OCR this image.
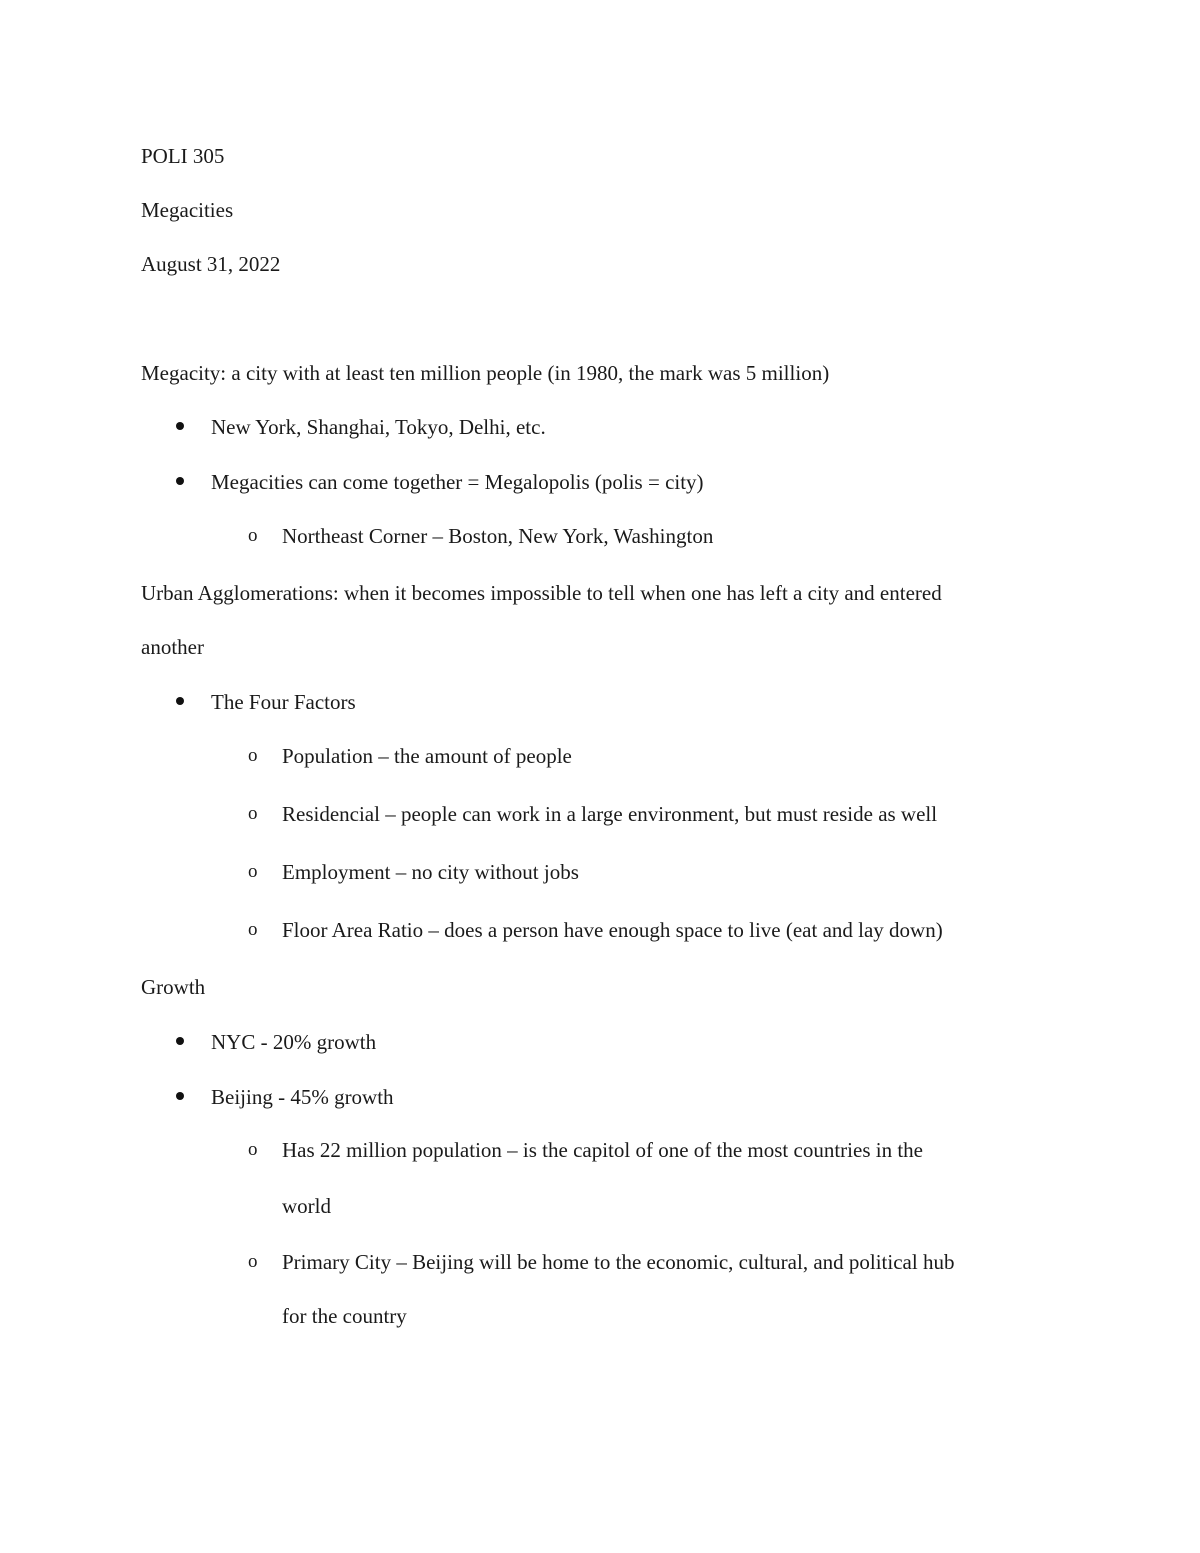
POLI 305
Megacities
August 31, 2022
Megacity: a city with at least ten million people (in 1980, the mark was 5 million)
New York, Shanghai, Tokyo, Delhi, etc.
Megacities can come together = Megalopolis (polis = city)
o Northeast Corner – Boston, New York, Washington
Urban Agglomerations: when it becomes impossible to tell when one has left a city and entered
another
The Four Factors
o Population – the amount of people
o Residencial – people can work in a large environment, but must reside as well
o Employment – no city without jobs
o Floor Area Ratio – does a person have enough space to live (eat and lay down)
Growth
NYC - 20% growth
Beijing - 45% growth
o Has 22 million population – is the capitol of one of the most countries in the
world
o Primary City – Beijing will be home to the economic, cultural, and political hub
for the country
